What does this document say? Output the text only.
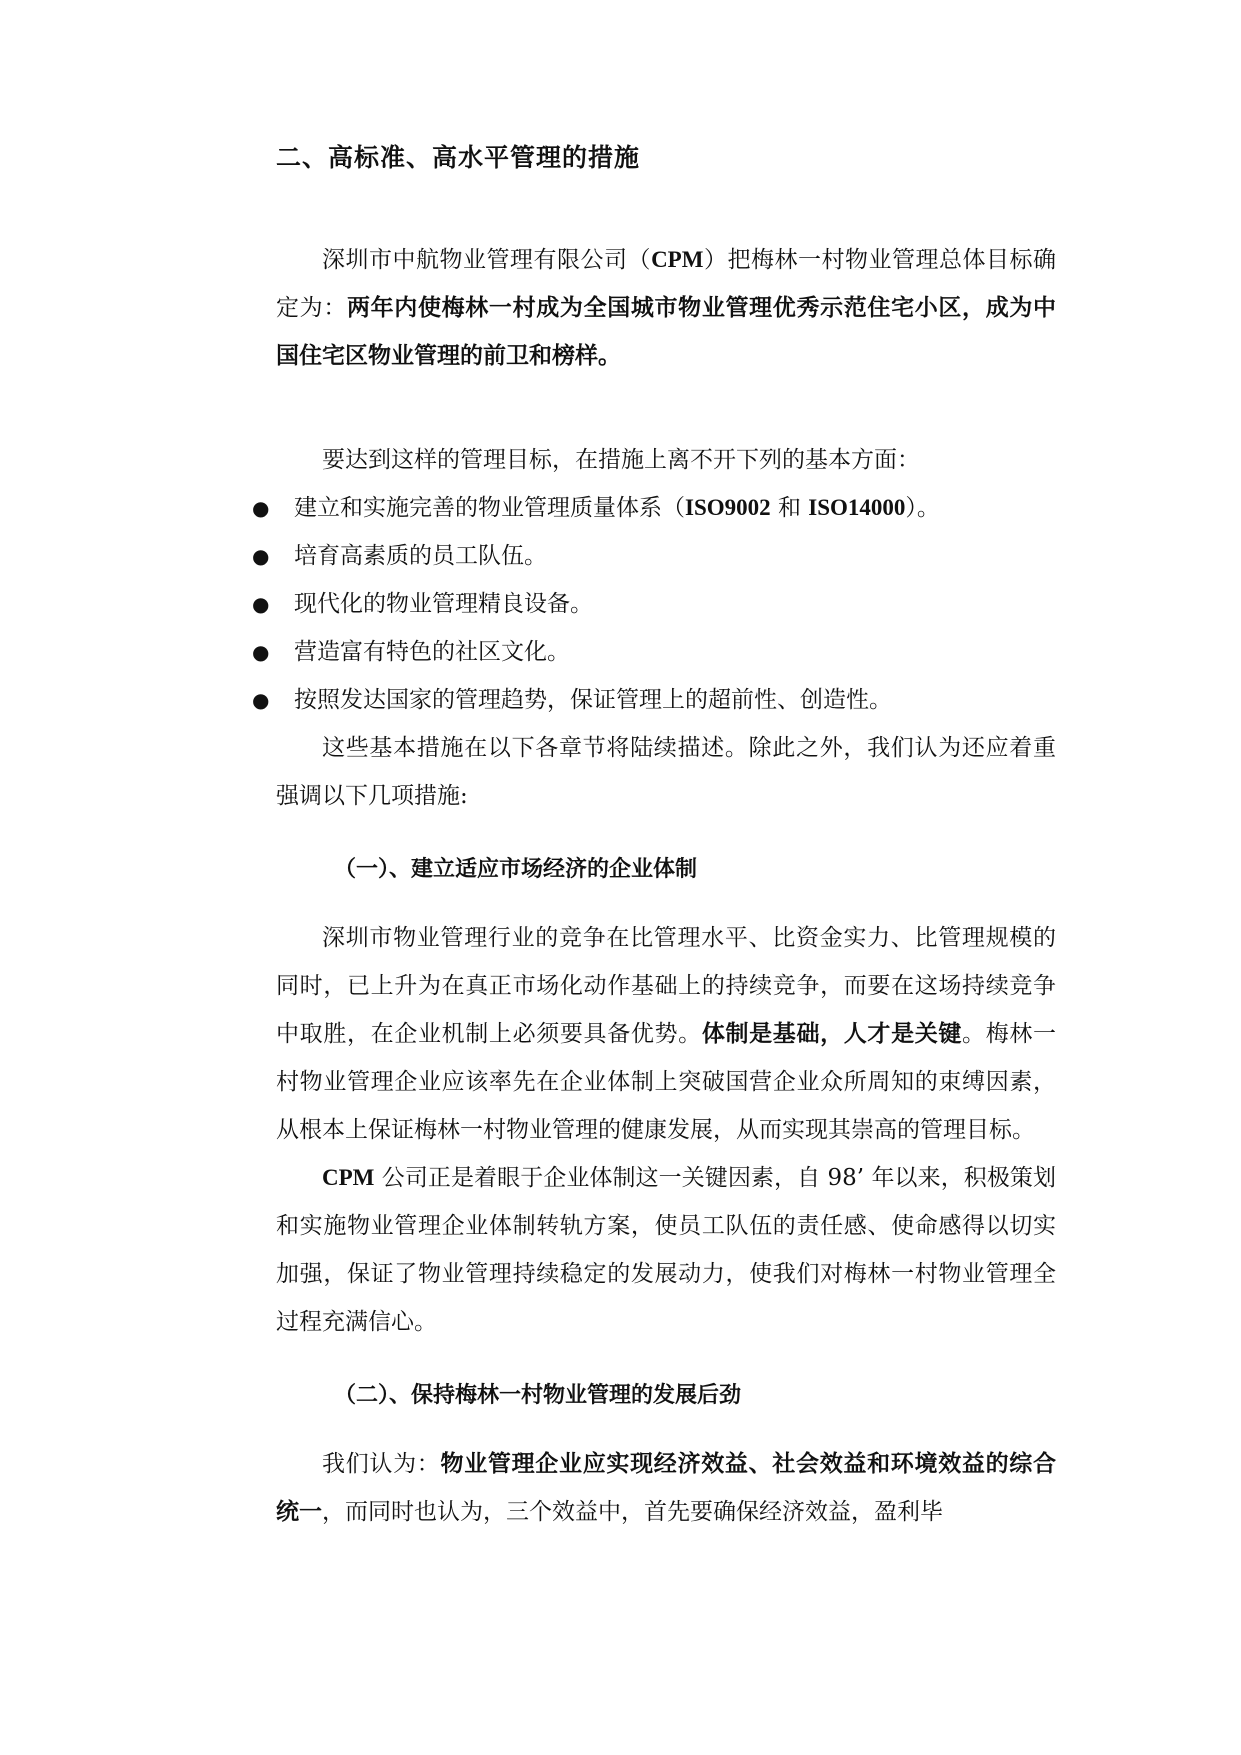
二、高标准、高水平管理的措施

深圳市中航物业管理有限公司（CPM）把梅林一村物业管理总体目标确定为：两年内使梅林一村成为全国城市物业管理优秀示范住宅小区，成为中国住宅区物业管理的前卫和榜样。

要达到这样的管理目标，在措施上离不开下列的基本方面：

● 建立和实施完善的物业管理质量体系（ISO9002 和 ISO14000）。
● 培育高素质的员工队伍。
● 现代化的物业管理精良设备。
● 营造富有特色的社区文化。
● 按照发达国家的管理趋势，保证管理上的超前性、创造性。

这些基本措施在以下各章节将陆续描述。除此之外，我们认为还应着重强调以下几项措施:

（一）、建立适应市场经济的企业体制

深圳市物业管理行业的竞争在比管理水平、比资金实力、比管理规模的同时，已上升为在真正市场化动作基础上的持续竞争，而要在这场持续竞争中取胜，在企业机制上必须要具备优势。体制是基础，人才是关键。梅林一村物业管理企业应该率先在企业体制上突破国营企业众所周知的束缚因素，从根本上保证梅林一村物业管理的健康发展，从而实现其崇高的管理目标。

CPM 公司正是着眼于企业体制这一关键因素，自 98’ 年以来，积极策划和实施物业管理企业体制转轨方案，使员工队伍的责任感、使命感得以切实加强，保证了物业管理持续稳定的发展动力，使我们对梅林一村物业管理全过程充满信心。

（二）、保持梅林一村物业管理的发展后劲

我们认为：物业管理企业应实现经济效益、社会效益和环境效益的综合统一，而同时也认为，三个效益中，首先要确保经济效益，盈利毕
